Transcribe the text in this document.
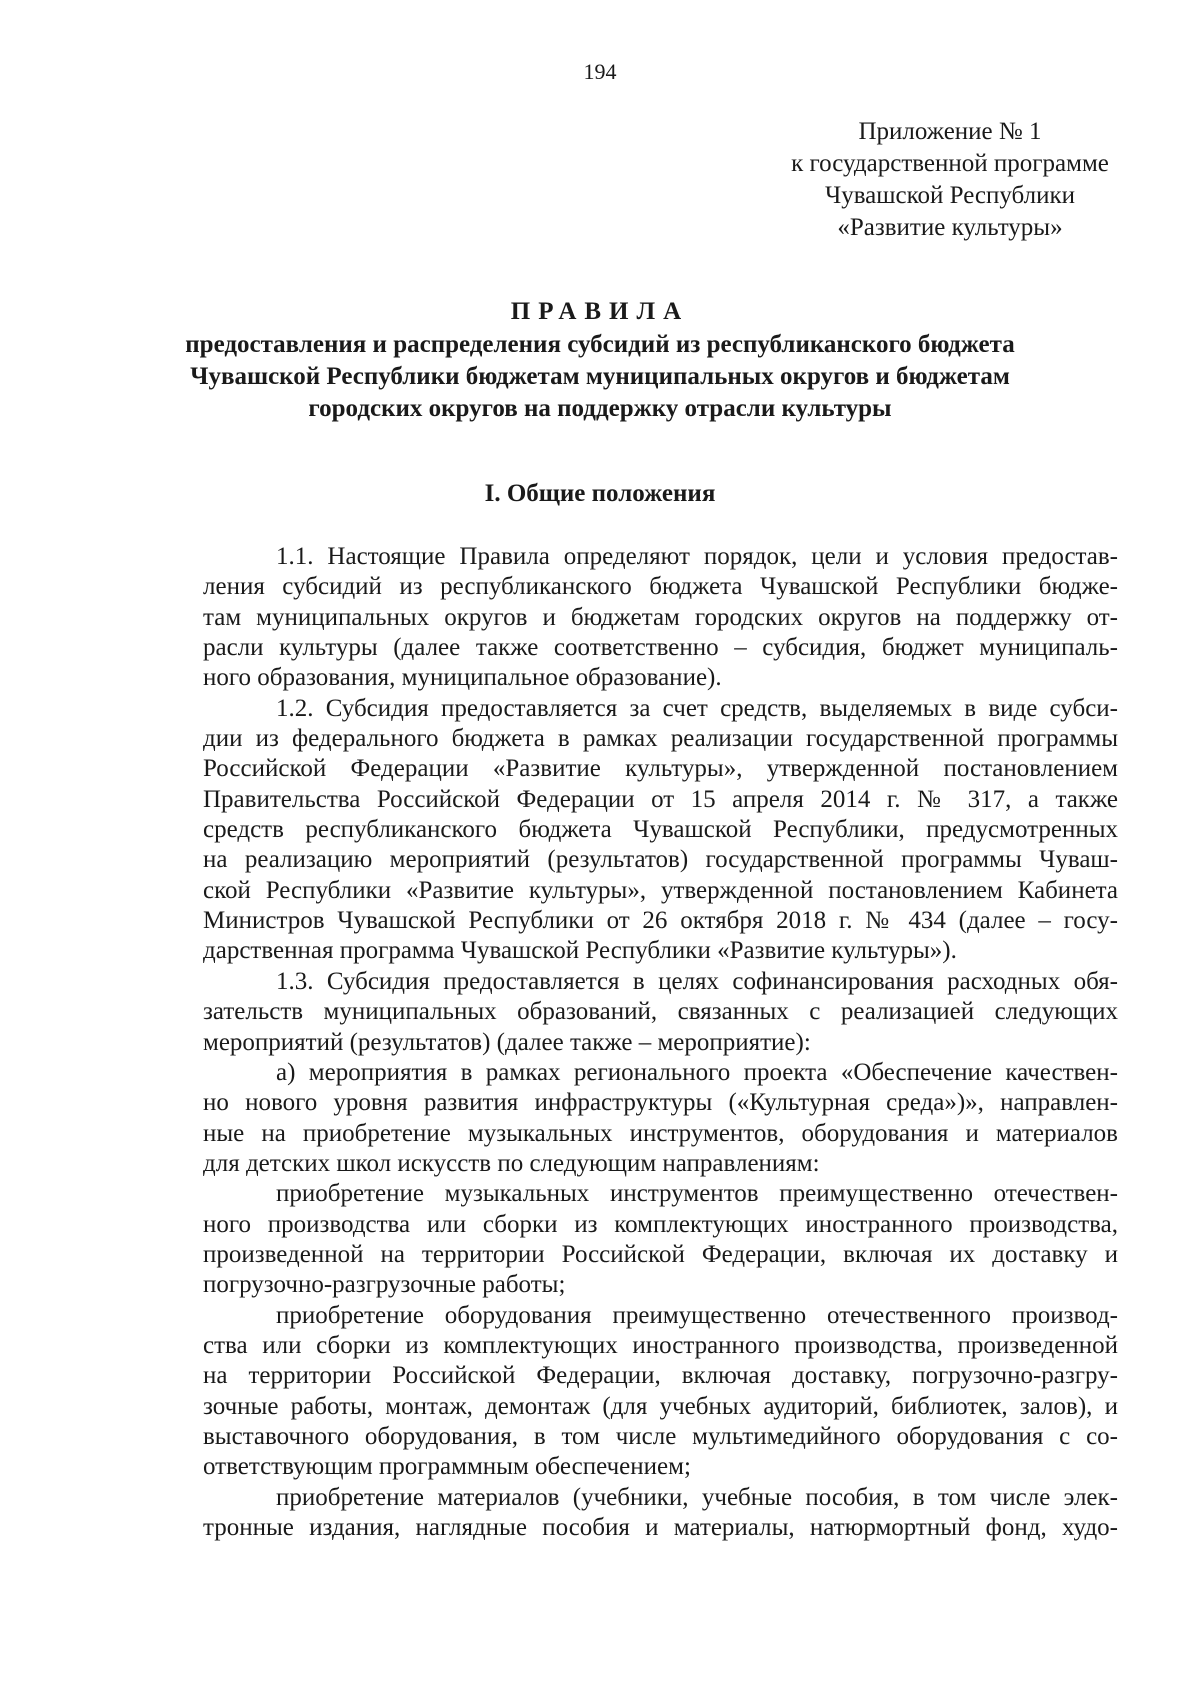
194
Приложение № 1
к государственной программе
Чувашской Республики
«Развитие культуры»
ПРАВИЛА
предоставления и распределения субсидий из республиканского бюджета
Чувашской Республики бюджетам муниципальных округов и бюджетам
городских округов на поддержку отрасли культуры
I. Общие положения
1.1. Настоящие Правила определяют порядок, цели и условия предостав-
ления субсидий из республиканского бюджета Чувашской Республики бюдже-
там муниципальных округов и бюджетам городских округов на поддержку от-
расли культуры (далее также соответственно – субсидия, бюджет муниципаль-
ного образования, муниципальное образование).
1.2. Субсидия предоставляется за счет средств, выделяемых в виде субси-
дии из федерального бюджета в рамках реализации государственной программы
Российской Федерации «Развитие культуры», утвержденной постановлением
Правительства Российской Федерации от 15 апреля 2014 г. № 317, а также
средств республиканского бюджета Чувашской Республики, предусмотренных
на реализацию мероприятий (результатов) государственной программы Чуваш-
ской Республики «Развитие культуры», утвержденной постановлением Кабинета
Министров Чувашской Республики от 26 октября 2018 г. № 434 (далее – госу-
дарственная программа Чувашской Республики «Развитие культуры»).
1.3. Субсидия предоставляется в целях софинансирования расходных обя-
зательств муниципальных образований, связанных с реализацией следующих
мероприятий (результатов) (далее также – мероприятие):
а) мероприятия в рамках регионального проекта «Обеспечение качествен-
но нового уровня развития инфраструктуры («Культурная среда»)», направлен-
ные на приобретение музыкальных инструментов, оборудования и материалов
для детских школ искусств по следующим направлениям:
приобретение музыкальных инструментов преимущественно отечествен-
ного производства или сборки из комплектующих иностранного производства,
произведенной на территории Российской Федерации, включая их доставку и
погрузочно-разгрузочные работы;
приобретение оборудования преимущественно отечественного производ-
ства или сборки из комплектующих иностранного производства, произведенной
на территории Российской Федерации, включая доставку, погрузочно-разгру-
зочные работы, монтаж, демонтаж (для учебных аудиторий, библиотек, залов), и
выставочного оборудования, в том числе мультимедийного оборудования с со-
ответствующим программным обеспечением;
приобретение материалов (учебники, учебные пособия, в том числе элек-
тронные издания, наглядные пособия и материалы, натюрмортный фонд, худо-
